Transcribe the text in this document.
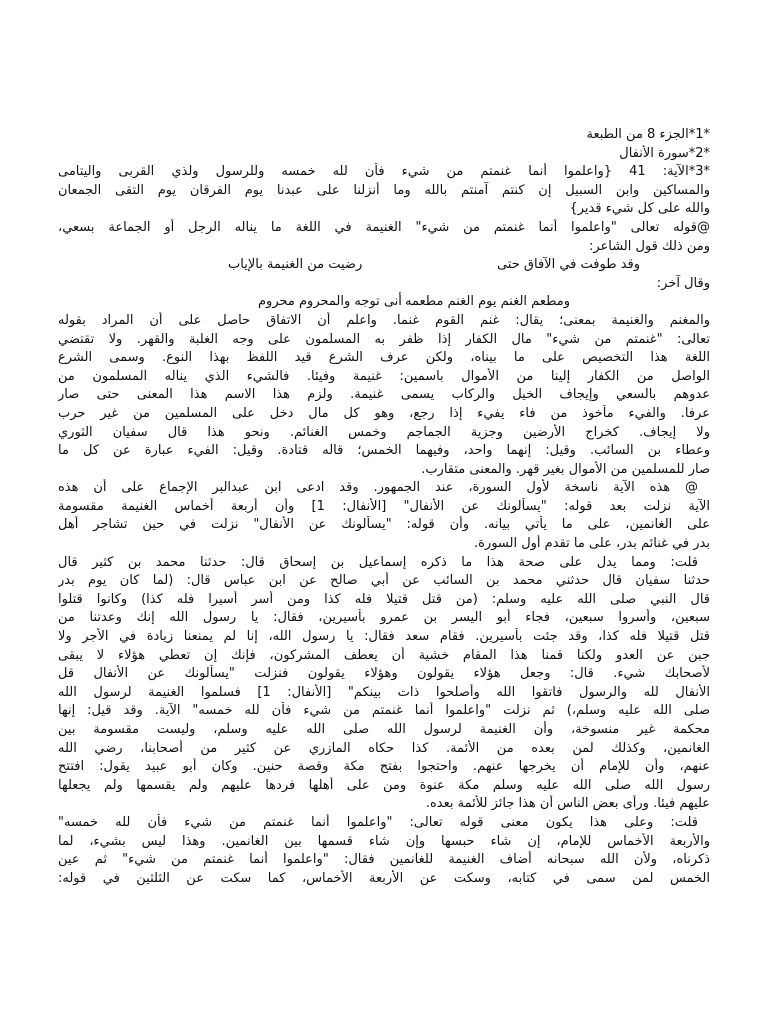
*1*الجزء 8 من الطبعة
*2*سورة الأنفال
*3*الآية: 41 {واعلموا أنما غنمتم من شيء فأن لله خمسه وللرسول ولذي القربى واليتامى
والمساكين وابن السبيل إن كنتم آمنتم بالله وما أنزلنا على عبدنا يوم الفرقان يوم التقى الجمعان
والله على كل شيء قدير}
@قوله تعالى "واعلموا أنما غنمتم من شيء" الغنيمة في اللغة ما يناله الرجل أو الجماعة بسعي،
ومن ذلك قول الشاعر:
وقد طوفت في الآفاق حتى
رضيت من الغنيمة بالإياب
وقال آخر:
ومطعم الغنم يوم الغنم مطعمه
أنى توجه والمحروم محروم
والمغنم والغنيمة بمعنى؛ يقال: غنم القوم غنما. واعلم أن الاتفاق حاصل على أن المراد بقوله
تعالى: "غنمتم من شيء" مال الكفار إذا ظفر به المسلمون على وجه الغلبة والقهر. ولا تقتضي
اللغة هذا التخصيص على ما بيناه، ولكن عرف الشرع قيد اللفظ بهذا النوع. وسمى الشرع
الواصل من الكفار إلينا من الأموال باسمين: غنيمة وفيئا. فالشيء الذي يناله المسلمون من
عدوهم بالسعي وإيجاف الخيل والركاب يسمى غنيمة. ولزم هذا الاسم هذا المعنى حتى صار
عرفا. والفيء مأخوذ من فاء يفيء إذا رجع، وهو كل مال دخل على المسلمين من غير حرب
ولا إيجاف. كخراج الأرضين وجزية الجماجم وخمس الغنائم. ونحو هذا قال سفيان الثوري
وعطاء بن السائب. وقيل: إنهما واحد، وفيهما الخمس؛ قاله قتادة. وقيل: الفيء عبارة عن كل ما
صار للمسلمين من الأموال بغير قهر. والمعنى متقارب.
@ هذه الآية ناسخة لأول السورة، عند الجمهور. وقد ادعى ابن عبدالبر الإجماع على أن هذه
الآية نزلت بعد قوله: "يسألونك عن الأنفال" [الأنفال: 1] وأن أربعة أخماس الغنيمة مقسومة
على الغانمين، على ما يأتي بيانه. وأن قوله: "يسألونك عن الأنفال" نزلت في حين تشاجر أهل
بدر في غنائم بدر، على ما تقدم أول السورة.
قلت: ومما يدل على صحة هذا ما ذكره إسماعيل بن إسحاق قال: حدثنا محمد بن كثير قال
حدثنا سفيان قال حدثني محمد بن السائب عن أبي صالح عن ابن عباس قال: (لما كان يوم بدر
قال النبي صلى الله عليه وسلم: (من قتل قتيلا فله كذا ومن أسر أسيرا فله كذا) وكانوا قتلوا
سبعين، وأسروا سبعين، فجاء أبو اليسر بن عمرو بأسيرين، فقال: يا رسول الله إنك وعدتنا من
قتل قتيلا فله كذا، وقد جئت بأسيرين. فقام سعد فقال: يا رسول الله، إنا لم يمنعنا زيادة في الأجر ولا
جبن عن العدو ولكنا قمنا هذا المقام خشية أن يعطف المشركون، فإنك إن تعطي هؤلاء لا يبقى
لأصحابك شيء. قال: وجعل هؤلاء يقولون وهؤلاء يقولون فنزلت "يسألونك عن الأنفال قل
الأنفال لله والرسول فاتقوا الله وأصلحوا ذات بينكم" [الأنفال: 1] فسلموا الغنيمة لرسول الله
صلى الله عليه وسلم،) ثم نزلت "واعلموا أنما غنمتم من شيء فأن لله خمسه" الآية. وقد قيل: إنها
محكمة غير منسوخة، وأن الغنيمة لرسول الله صلى الله عليه وسلم، وليست مقسومة بين
الغانمين، وكذلك لمن بعده من الأئمة. كذا حكاه المازري عن كثير من أصحابنا، رضي الله
عنهم، وأن للإمام أن يخرجها عنهم. واحتجوا بفتح مكة وقصة حنين. وكان أبو عبيد يقول: افتتح
رسول الله صلى الله عليه وسلم مكة عنوة ومن على أهلها فردها عليهم ولم يقسمها ولم يجعلها
عليهم فيئا. ورأى بعض الناس أن هذا جائز للأئمة بعده.
قلت: وعلى هذا يكون معنى قوله تعالى: "واعلموا أنما غنمتم من شيء فأن لله خمسه"
والأربعة الأخماس للإمام، إن شاء حبسها وإن شاء قسمها بين الغانمين. وهذا ليس بشيء، لما
ذكرناه، ولأن الله سبحانه أضاف الغنيمة للغانمين فقال: "واعلموا أنما غنمتم من شيء" ثم عين
الخمس لمن سمى في كتابه، وسكت عن الأربعة الأخماس، كما سكت عن الثلثين في قوله:
